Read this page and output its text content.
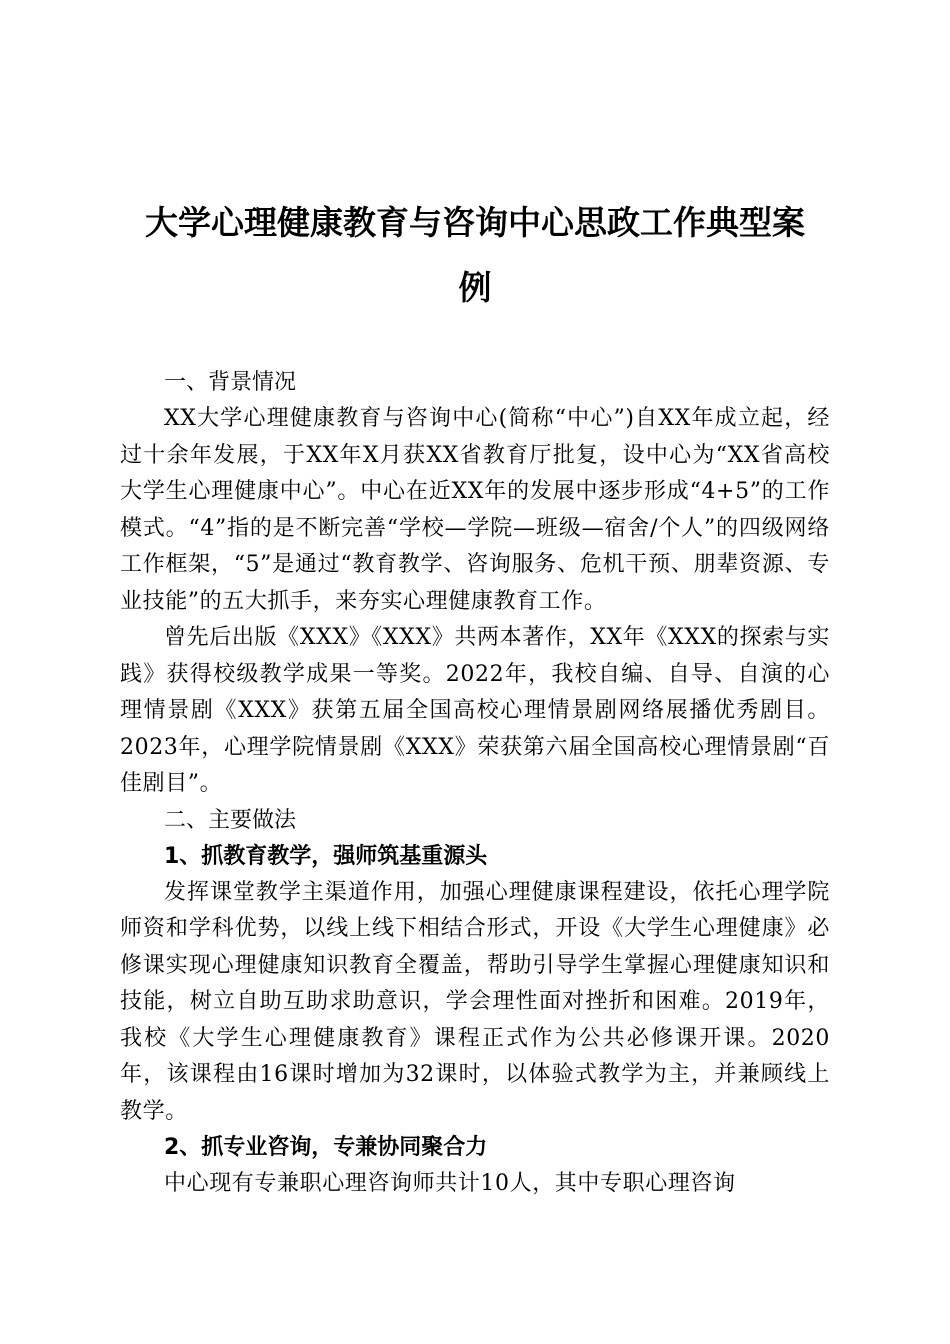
大学心理健康教育与咨询中心思政工作典型案
例

一、背景情况

XX大学心理健康教育与咨询中心(简称“中心”)自XX年成立起，经过十余年发展，于XX年X月获XX省教育厅批复，设中心为“XX省高校大学生心理健康中心”。中心在近XX年的发展中逐步形成“4+5”的工作模式。“4”指的是不断完善“学校—学院—班级—宿舍/个人”的四级网络工作框架，“5”是通过“教育教学、咨询服务、危机干预、朋辈资源、专业技能”的五大抓手，来夯实心理健康教育工作。

曾先后出版《XXX》《XXX》共两本著作，XX年《XXX的探索与实践》获得校级教学成果一等奖。2022年，我校自编、自导、自演的心理情景剧《XXX》获第五届全国高校心理情景剧网络展播优秀剧目。2023年，心理学院情景剧《XXX》荣获第六届全国高校心理情景剧“百佳剧目”。

二、主要做法

1、抓教育教学，强师筑基重源头

发挥课堂教学主渠道作用，加强心理健康课程建设，依托心理学院师资和学科优势，以线上线下相结合形式，开设《大学生心理健康》必修课实现心理健康知识教育全覆盖，帮助引导学生掌握心理健康知识和技能，树立自助互助求助意识，学会理性面对挫折和困难。2019年，我校《大学生心理健康教育》课程正式作为公共必修课开课。2020年，该课程由16课时增加为32课时，以体验式教学为主，并兼顾线上教学。

2、抓专业咨询，专兼协同聚合力

中心现有专兼职心理咨询师共计10人，其中专职心理咨询
